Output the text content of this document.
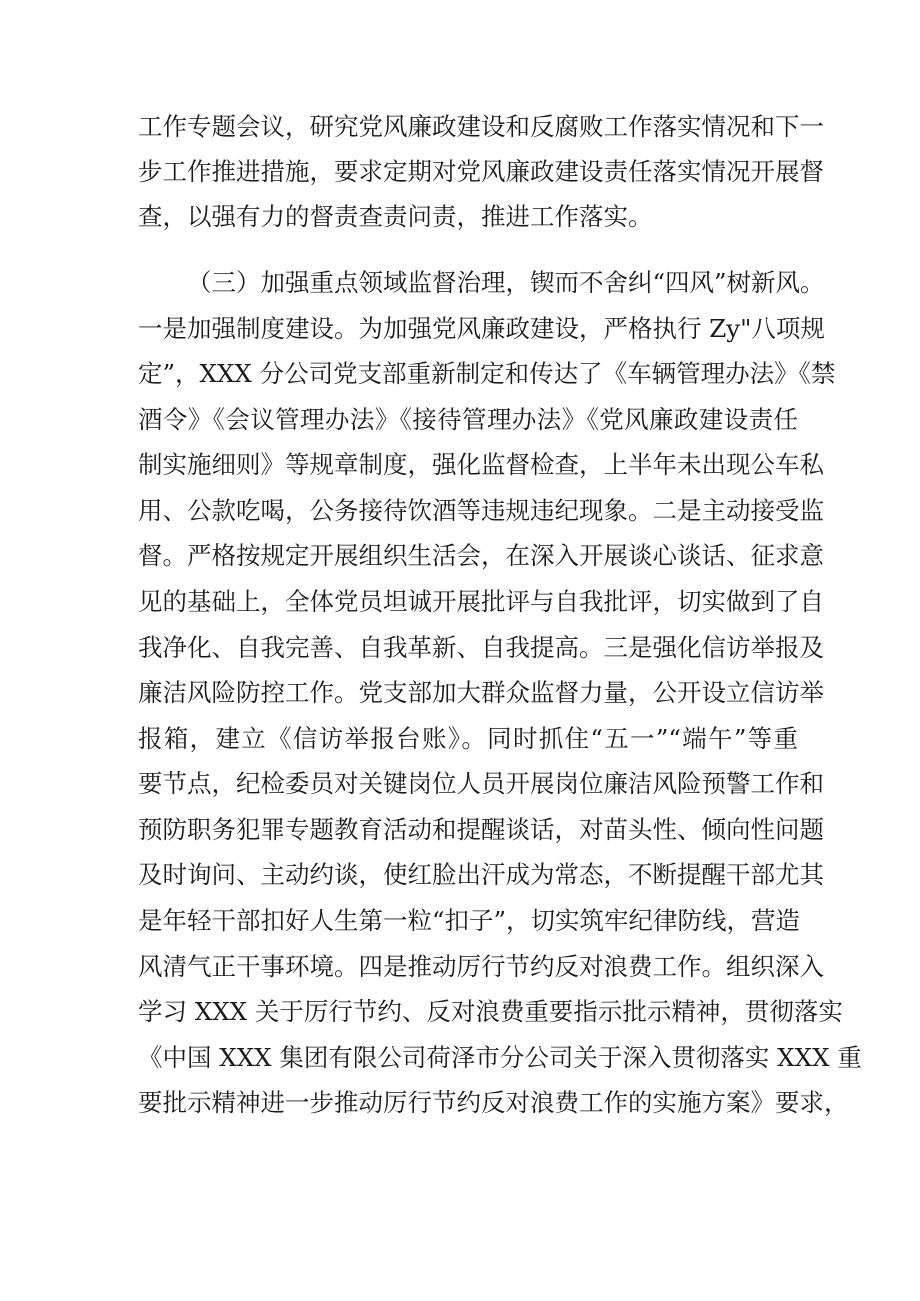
工作专题会议，研究党风廉政建设和反腐败工作落实情况和下一
步工作推进措施，要求定期对党风廉政建设责任落实情况开展督
查，以强有力的督责查责问责，推进工作落实。
（三）加强重点领域监督治理，锲而不舍纠“四风”树新风。
一是加强制度建设。为加强党风廉政建设，严格执行 Zy"八项规
定”，XXX 分公司党支部重新制定和传达了《车辆管理办法》《禁
酒令》《会议管理办法》《接待管理办法》《党风廉政建设责任
制实施细则》等规章制度，强化监督检查，上半年未出现公车私
用、公款吃喝，公务接待饮酒等违规违纪现象。二是主动接受监
督。严格按规定开展组织生活会，在深入开展谈心谈话、征求意
见的基础上，全体党员坦诚开展批评与自我批评，切实做到了自
我净化、自我完善、自我革新、自我提高。三是强化信访举报及
廉洁风险防控工作。党支部加大群众监督力量，公开设立信访举
报箱，建立《信访举报台账》。同时抓住“五一”“端午”等重
要节点，纪检委员对关键岗位人员开展岗位廉洁风险预警工作和
预防职务犯罪专题教育活动和提醒谈话，对苗头性、倾向性问题
及时询问、主动约谈，使红脸出汗成为常态，不断提醒干部尤其
是年轻干部扣好人生第一粒“扣子”，切实筑牢纪律防线，营造
风清气正干事环境。四是推动厉行节约反对浪费工作。组织深入
学习 XXX 关于厉行节约、反对浪费重要指示批示精神，贯彻落实
《中国 XXX 集团有限公司荷泽市分公司关于深入贯彻落实 XXX 重
要批示精神进一步推动厉行节约反对浪费工作的实施方案》要求，
